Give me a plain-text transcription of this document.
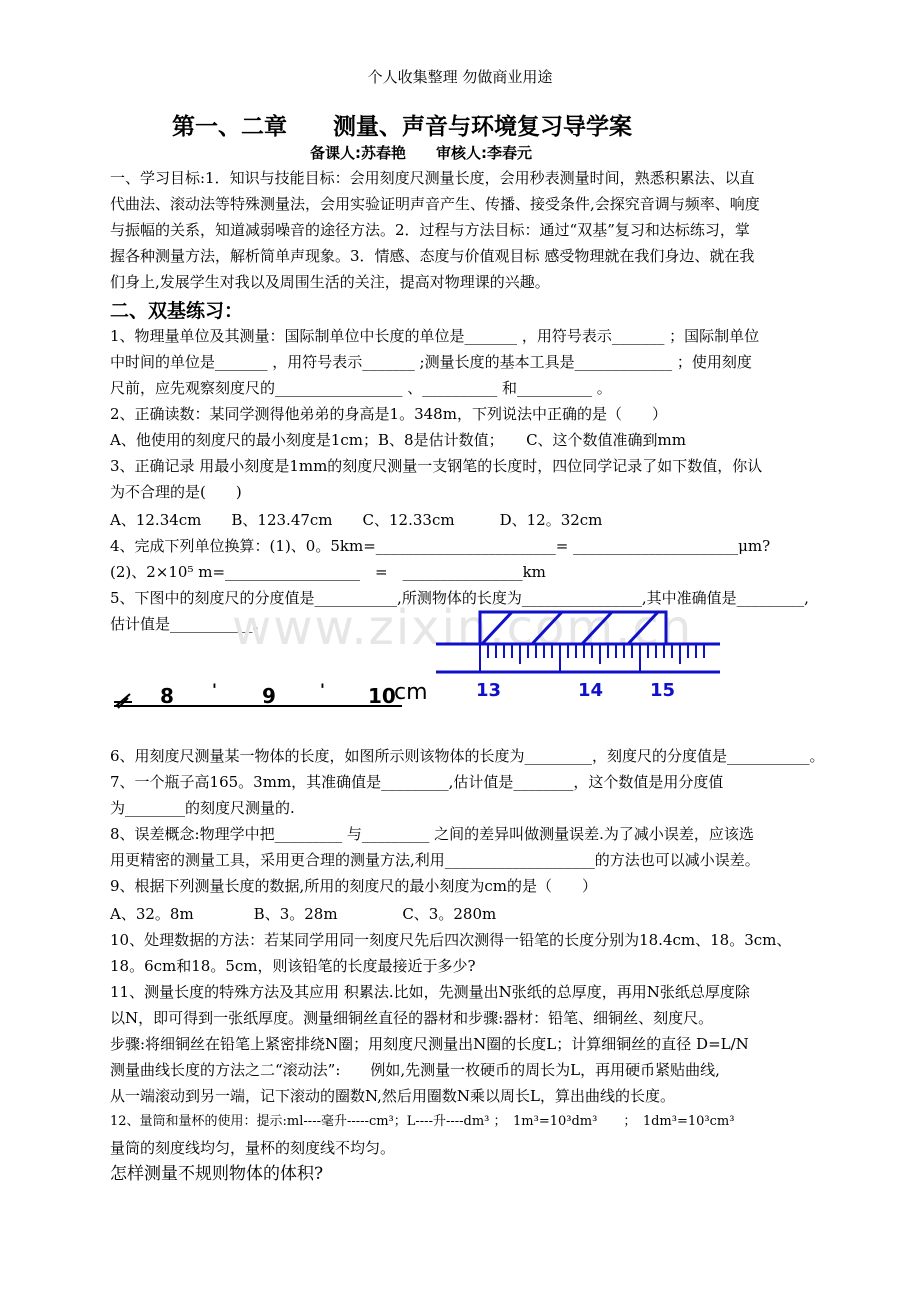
个人收集整理 勿做商业用途
第一、二章　　测量、声音与环境复习导学案
备课人:苏春艳　　审核人:李春元
一、学习目标:1．知识与技能目标：会用刻度尺测量长度，会用秒表测量时间，熟悉积累法、以直
代曲法、滚动法等特殊测量法，会用实验证明声音产生、传播、接受条件,会探究音调与频率、响度
与振幅的关系，知道减弱噪音的途径方法。2．过程与方法目标：通过“双基”复习和达标练习，掌
握各种测量方法，解析简单声现象。3．情感、态度与价值观目标 感受物理就在我们身边、就在我
们身上,发展学生对我以及周围生活的关注，提高对物理课的兴趣。
二、双基练习：
1、物理量单位及其测量：国际制单位中长度的单位是_______ ，用符号表示_______ ；国际制单位
中时间的单位是_______ ，用符号表示_______ ;测量长度的基本工具是_____________ ；使用刻度
尺前，应先观察刻度尺的_________________ 、__________ 和__________ 。
2、正确读数：某同学测得他弟弟的身高是1。348m，下列说法中正确的是（　　）
A、他使用的刻度尺的最小刻度是1cm；B、8是估计数值；　　C、这个数值准确到mm
3、正确记录 用最小刻度是1mm的刻度尺测量一支钢笔的长度时，四位同学记录了如下数值，你认
为不合理的是(　　)
A、12.34cm　　B、123.47cm　　C、12.33cm　　　D、12。32cm
4、完成下列单位换算：(1)、0。5km=________________________= ______________________μm?
(2)、2×10⁵ m=__________________　=　________________km
5、下图中的刻度尺的分度值是___________,所测物体的长度为________________,其中准确值是_________,
估计值是___________。
www.zixin.com.cn
8 ' 9	' 10
cm	13	14	15
6、用刻度尺测量某一物体的长度，如图所示则该物体的长度为_________，刻度尺的分度值是___________。
7、一个瓶子高165。3mm，其准确值是_________,估计值是________，这个数值是用分度值
为________的刻度尺测量的.
8、误差概念:物理学中把_________ 与_________ 之间的差异叫做测量误差.为了减小误差，应该选
用更精密的测量工具，采用更合理的测量方法,利用____________________的方法也可以减小误差。
9、根据下列测量长度的数据,所用的刻度尺的最小刻度为cm的是（　　）
A、32。8m　　　　B、3。28m　　　　 C、3。280m
10、处理数据的方法：若某同学用同一刻度尺先后四次测得一铅笔的长度分别为18.4cm、18。3cm、
18。6cm和18。5cm，则该铅笔的长度最接近于多少?
11、测量长度的特殊方法及其应用 积累法.比如，先测量出N张纸的总厚度，再用N张纸总厚度除
以N，即可得到一张纸厚度。测量细铜丝直径的器材和步骤:器材：铅笔、细铜丝、刻度尺。
步骤:将细铜丝在铅笔上紧密排绕N圈；用刻度尺测量出N圈的长度L；计算细铜丝的直径 D=L/N
测量曲线长度的方法之二“滚动法”:　　例如,先测量一枚硬币的周长为L，再用硬币紧贴曲线,
从一端滚动到另一端，记下滚动的圈数N,然后用圈数N乘以周长L，算出曲线的长度。
12、量筒和量杯的使用：提示:ml----毫升-----cm³；L----升----dm³ ；　1m³=10³dm³　　；　1dm³=10³cm³
量筒的刻度线均匀，量杯的刻度线不均匀。
怎样测量不规则物体的体积?
